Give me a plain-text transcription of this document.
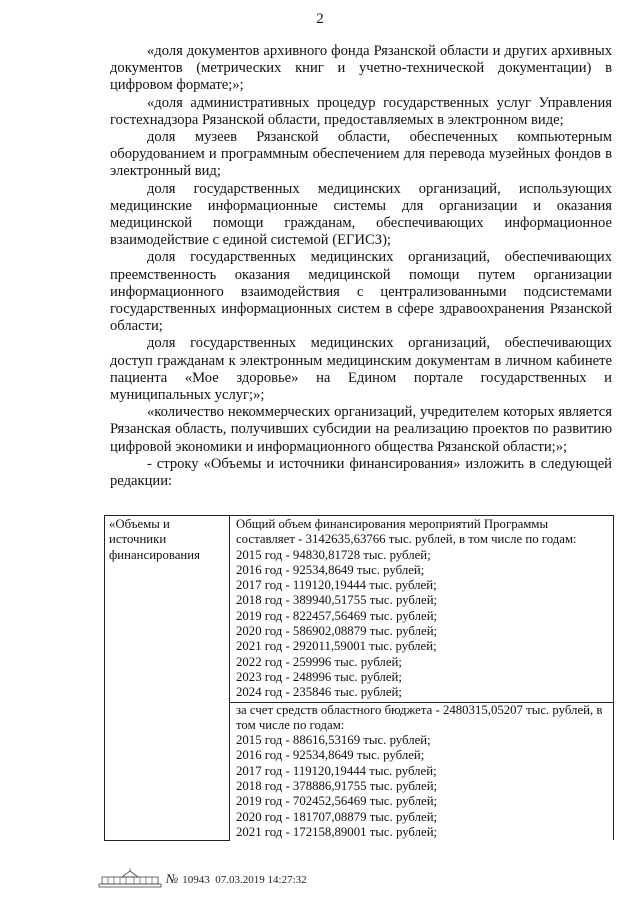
2

«доля документов архивного фонда Рязанской области и других архивных документов (метрических книг и учетно-технической документации) в цифровом формате;»;

«доля административных процедур государственных услуг Управления гостехнадзора Рязанской области, предоставляемых в электронном виде;

доля музеев Рязанской области, обеспеченных компьютерным оборудованием и программным обеспечением для перевода музейных фондов в электронный вид;

доля государственных медицинских организаций, использующих медицинские информационные системы для организации и оказания медицинской помощи гражданам, обеспечивающих информационное взаимодействие с единой системой (ЕГИСЗ);

доля государственных медицинских организаций, обеспечивающих преемственность оказания медицинской помощи путем организации информационного взаимодействия с централизованными подсистемами государственных информационных систем в сфере здравоохранения Рязанской области;

доля государственных медицинских организаций, обеспечивающих доступ гражданам к электронным медицинским документам в личном кабинете пациента «Мое здоровье» на Едином портале государственных и муниципальных услуг;»;

«количество некоммерческих организаций, учредителем которых является Рязанская область, получивших субсидии на реализацию проектов по развитию цифровой экономики и информационного общества Рязанской области;»;

- строку «Объемы и источники финансирования» изложить в следующей редакции:

«Объемы и
источники
финансирования

Общий объем финансирования мероприятий Программы
составляет - 3142635,63766 тыс. рублей, в том числе по годам:
2015 год - 94830,81728 тыс. рублей;
2016 год - 92534,8649 тыс. рублей;
2017 год - 119120,19444 тыс. рублей;
2018 год - 389940,51755 тыс. рублей;
2019 год - 822457,56469 тыс. рублей;
2020 год - 586902,08879 тыс. рублей;
2021 год - 292011,59001 тыс. рублей;
2022 год - 259996 тыс. рублей;
2023 год - 248996 тыс. рублей;
2024 год - 235846 тыс. рублей;
за счет средств областного бюджета - 2480315,05207 тыс. рублей, в
том числе по годам:
2015 год - 88616,53169 тыс. рублей;
2016 год - 92534,8649 тыс. рублей;
2017 год - 119120,19444 тыс. рублей;
2018 год - 378886,91755 тыс. рублей;
2019 год - 702452,56469 тыс. рублей;
2020 год - 181707,08879 тыс. рублей;
2021 год - 172158,89001 тыс. рублей;
№ 10943 07.03.2019 14:27:32
